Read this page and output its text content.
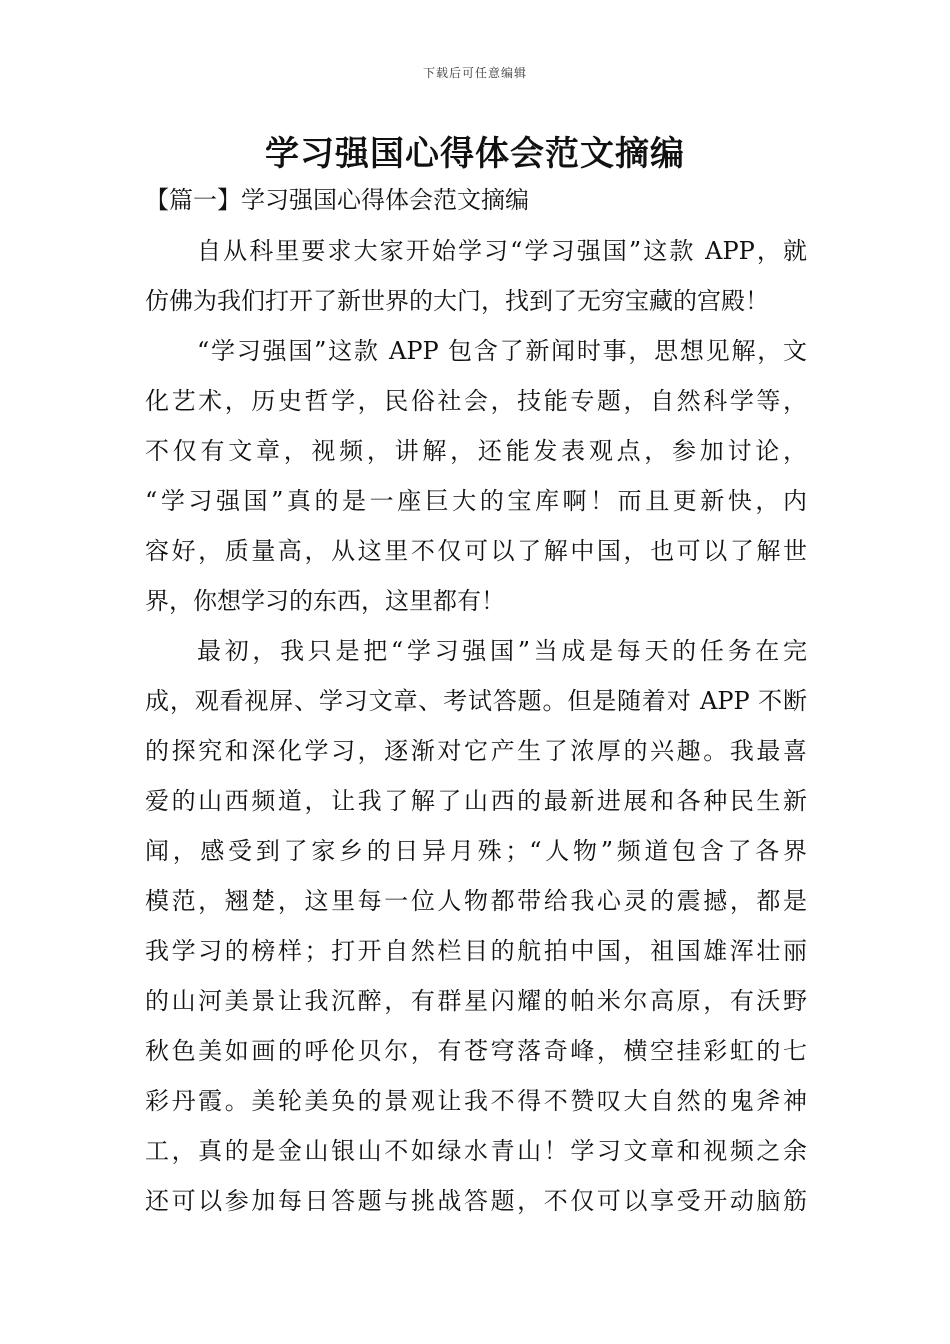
下载后可任意编辑
学习强国心得体会范文摘编
【篇一】学习强国心得体会范文摘编
自从科里要求大家开始学习“学习强国”这款 APP，就
仿佛为我们打开了新世界的大门，找到了无穷宝藏的宫殿！
“学习强国”这款 APP 包含了新闻时事，思想见解，文
化艺术，历史哲学，民俗社会，技能专题，自然科学等，
不仅有文章，视频，讲解，还能发表观点，参加讨论，
“学习强国”真的是一座巨大的宝库啊！而且更新快，内
容好，质量高，从这里不仅可以了解中国，也可以了解世
界，你想学习的东西，这里都有！
最初，我只是把“学习强国”当成是每天的任务在完
成，观看视屏、学习文章、考试答题。但是随着对 APP 不断
的探究和深化学习，逐渐对它产生了浓厚的兴趣。我最喜
爱的山西频道，让我了解了山西的最新进展和各种民生新
闻，感受到了家乡的日异月殊；“人物”频道包含了各界
模范，翘楚，这里每一位人物都带给我心灵的震撼，都是
我学习的榜样；打开自然栏目的航拍中国，祖国雄浑壮丽
的山河美景让我沉醉，有群星闪耀的帕米尔高原，有沃野
秋色美如画的呼伦贝尔，有苍穹落奇峰，横空挂彩虹的七
彩丹霞。美轮美奂的景观让我不得不赞叹大自然的鬼斧神
工，真的是金山银山不如绿水青山！学习文章和视频之余
还可以参加每日答题与挑战答题，不仅可以享受开动脑筋
